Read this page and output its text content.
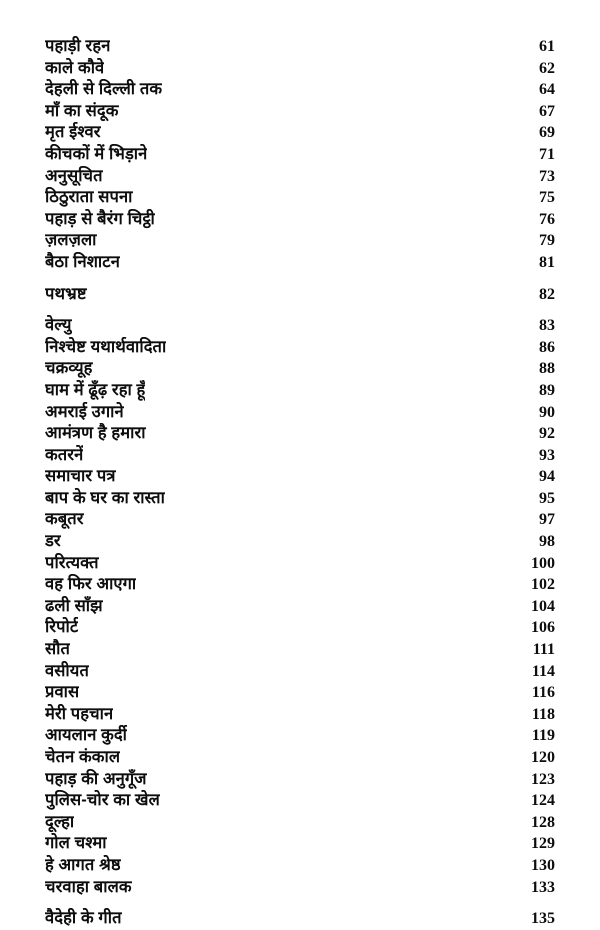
पहाड़ी रहन	61
काले कौवे	62
देहली से दिल्ली तक	64
माँ का संदूक	67
मृत ईश्वर	69
कीचकों में भिड़ाने	71
अनुसूचित	73
ठिठुराता सपना	75
पहाड़ से बैरंग चिट्ठी	76
ज़लज़ला	79
बैठा निशाटन	81
पथभ्रष्ट	82
वेल्यु	83
निश्चेष्ट यथार्थवादिता	86
चक्रव्यूह	88
घाम में ढूँढ़ रहा हूँ	89
अमराई उगाने	90
आमंत्रण है हमारा	92
कतरनें	93
समाचार पत्र	94
बाप के घर का रास्ता	95
कबूतर	97
डर	98
परित्यक्त	100
वह फिर आएगा	102
ढली साँझ	104
रिपोर्ट	106
सौत	111
वसीयत	114
प्रवास	116
मेरी पहचान	118
आयलान कुर्दी	119
चेतन कंकाल	120
पहाड़ की अनुगूँज	123
पुलिस-चोर का खेल	124
दूल्हा	128
गोल चश्मा	129
हे आगत श्रेष्ठ	130
चरवाहा बालक	133
वैदेही के गीत	135
